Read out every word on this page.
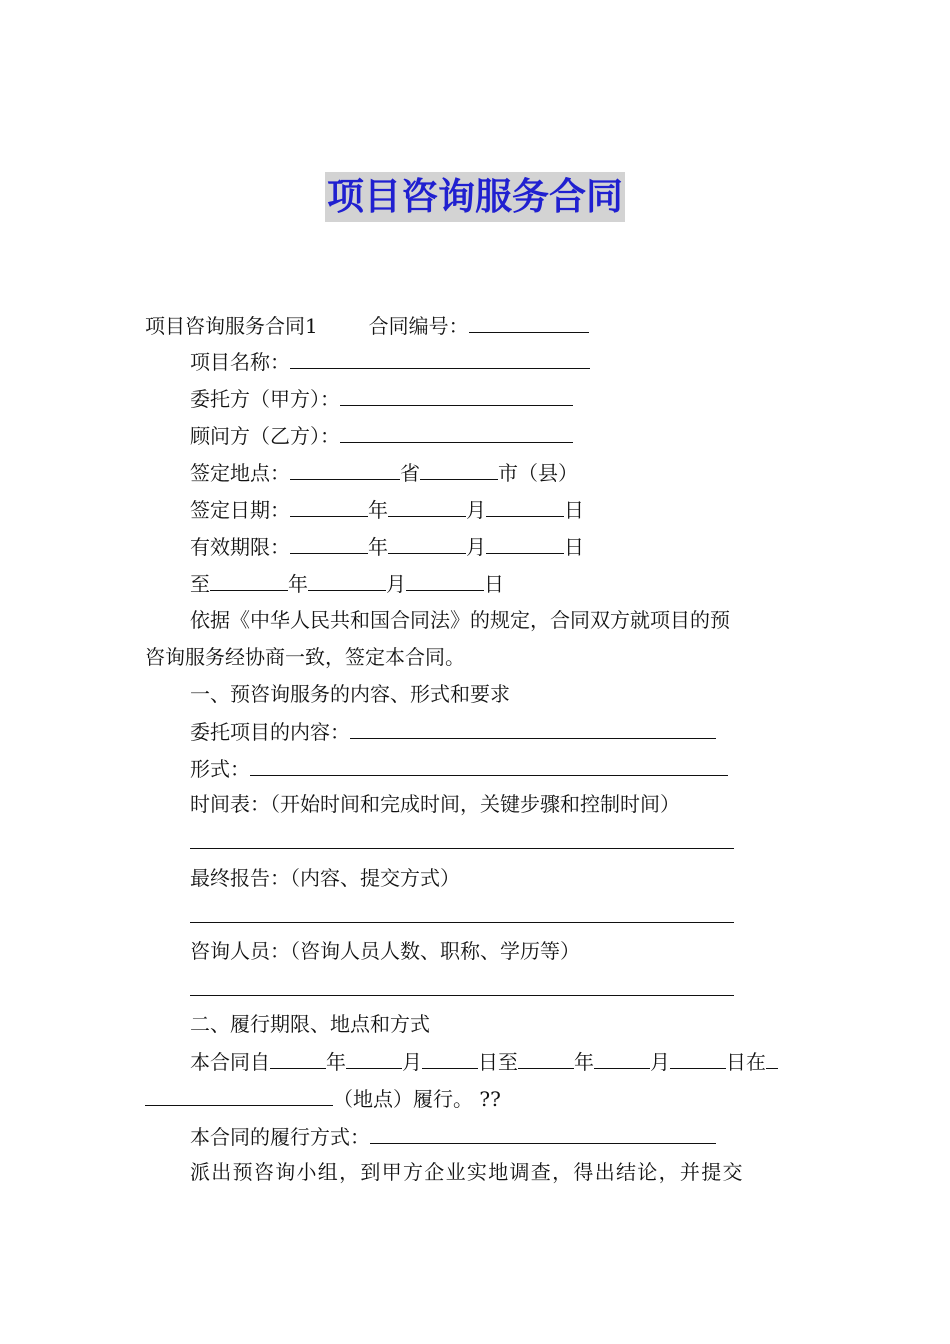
项目咨询服务合同
项目咨询服务合同1        合同编号：
项目名称：
委托方（甲方）：
顾问方（乙方）：
签定地点：	省	市（县）
签定日期：	年	月	日
有效期限：	年	月	日
至	年	月	日
依据《中华人民共和国合同法》的规定，合同双方就项目的预
咨询服务经协商一致，签定本合同。
一、预咨询服务的内容、形式和要求
委托项目的内容：
形式：
时间表：（开始时间和完成时间，关键步骤和控制时间）
最终报告：（内容、提交方式）
咨询人员：（咨询人员人数、职称、学历等）
二、履行期限、地点和方式
本合同自	年	月	日至	年	月	日在
（地点）履行。 ??
本合同的履行方式：
派出预咨询小组，到甲方企业实地调查，得出结论，并提交
